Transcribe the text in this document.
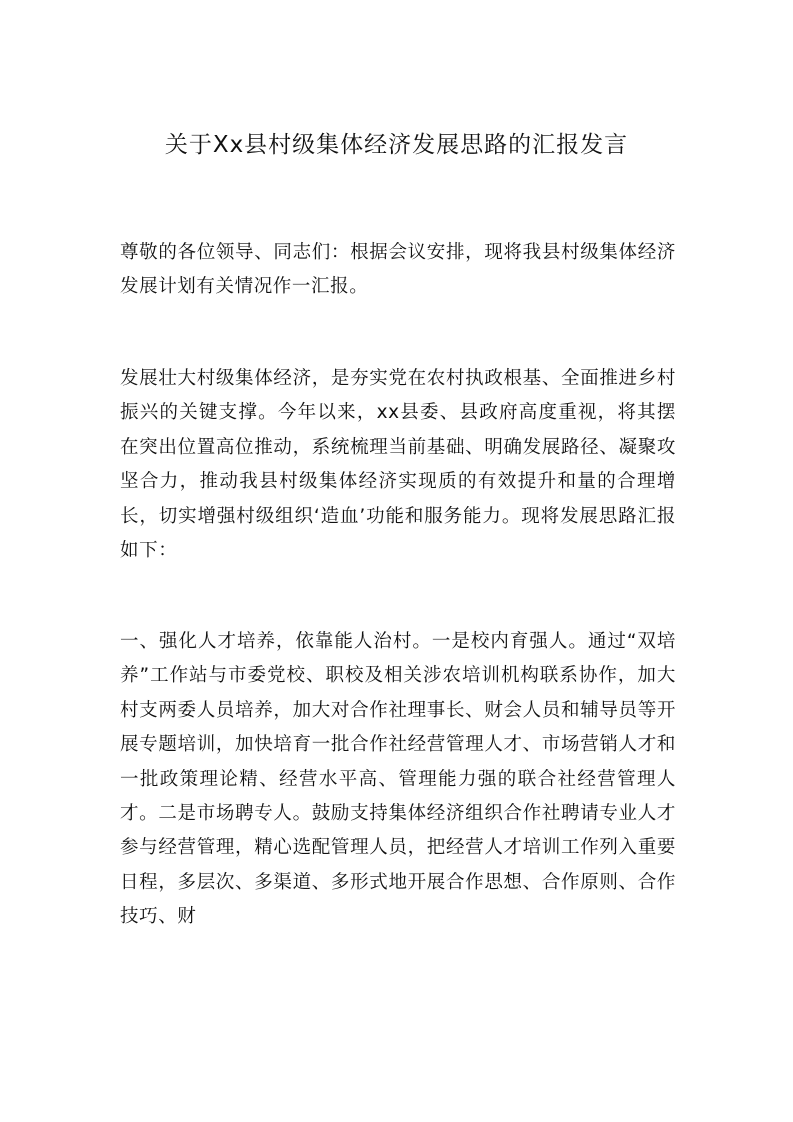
关于Xx县村级集体经济发展思路的汇报发言

尊敬的各位领导、同志们：根据会议安排，现将我县村级集体经济发展计划有关情况作一汇报。

发展壮大村级集体经济，是夯实党在农村执政根基、全面推进乡村振兴的关键支撑。今年以来，xx县委、县政府高度重视，将其摆在突出位置高位推动，系统梳理当前基础、明确发展路径、凝聚攻坚合力，推动我县村级集体经济实现质的有效提升和量的合理增长，切实增强村级组织‘造血’功能和服务能力。现将发展思路汇报如下：

一、强化人才培养，依靠能人治村。一是校内育强人。通过“双培养”工作站与市委党校、职校及相关涉农培训机构联系协作，加大村支两委人员培养，加大对合作社理事长、财会人员和辅导员等开展专题培训，加快培育一批合作社经营管理人才、市场营销人才和一批政策理论精、经营水平高、管理能力强的联合社经营管理人才。二是市场聘专人。鼓励支持集体经济组织合作社聘请专业人才参与经营管理，精心选配管理人员，把经营人才培训工作列入重要日程，多层次、多渠道、多形式地开展合作思想、合作原则、合作技巧、财
